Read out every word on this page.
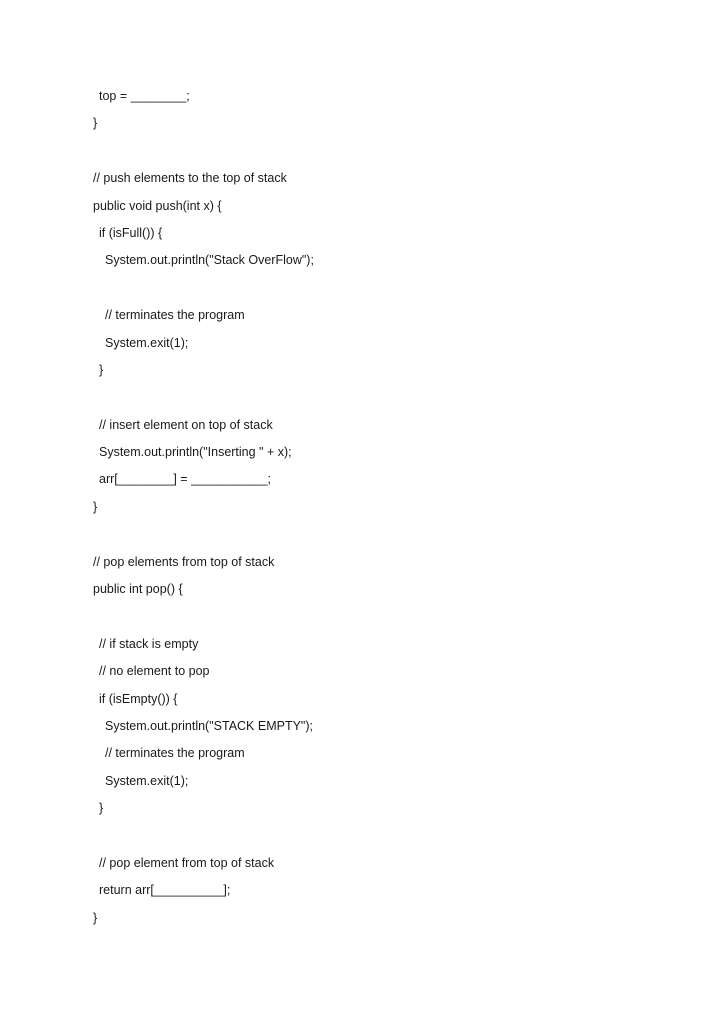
top = ________;
}
// push elements to the top of stack
public void push(int x) {
if (isFull()) {
System.out.println("Stack OverFlow");
// terminates the program
System.exit(1);
}
// insert element on top of stack
System.out.println("Inserting " + x);
arr[________] = ___________;
}
// pop elements from top of stack
public int pop() {
// if stack is empty
// no element to pop
if (isEmpty()) {
System.out.println("STACK EMPTY");
// terminates the program
System.exit(1);
}
// pop element from top of stack
return arr[__________];
}
